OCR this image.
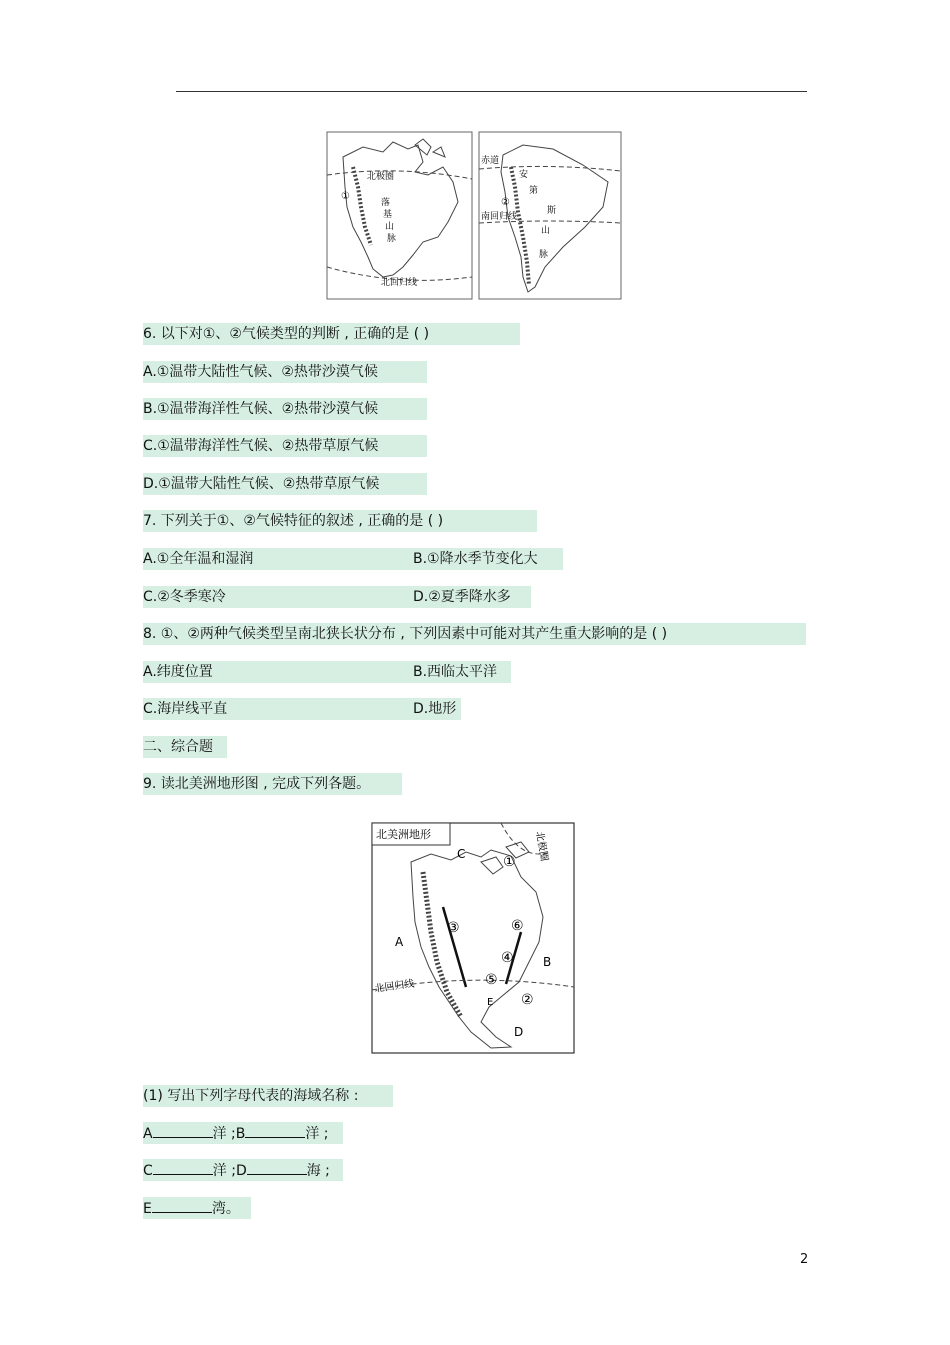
①
北极圈
落
基
山
脉
北回归线
赤道
②
南回归线
安
第
斯
山
脉
6. 以下对①、②气候类型的判断 , 正确的是 ( )
A.①温带大陆性气候、②热带沙漠气候
B.①温带海洋性气候、②热带沙漠气候
C.①温带海洋性气候、②热带草原气候
D.①温带大陆性气候、②热带草原气候
7. 下列关于①、②气候特征的叙述 , 正确的是 ( )
A.①全年温和湿润	B.①降水季节变化大
C.②冬季寒冷	D.②夏季降水多
8. ①、②两种气候类型呈南北狭长状分布 , 下列因素中可能对其产生重大影响的是 ( )
A.纬度位置	B.西临太平洋
C.海岸线平直	D.地形
二、综合题
9. 读北美洲地形图 , 完成下列各题。
北美洲地形	北极圈
北回归线
A
B
C
D
E
①
②
③
④
⑤
⑥
(1) 写出下列字母代表的海域名称 :
A	洋 ;B	洋 ;
C	洋 ;D	海 ;
E	湾。
2
